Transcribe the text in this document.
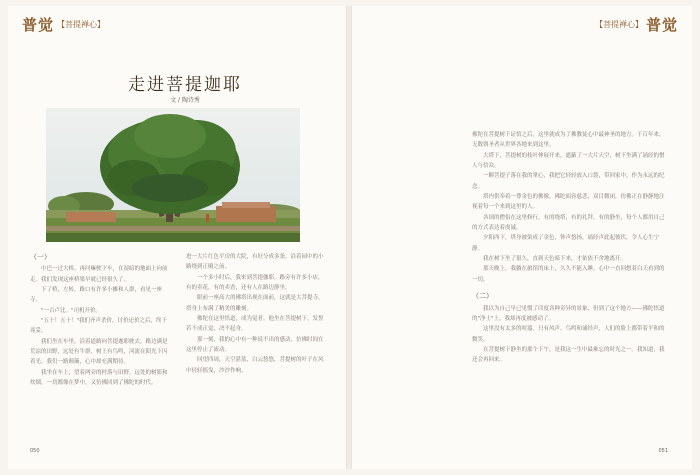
普觉 【菩提禅心】	【菩提禅心】 普觉
走进菩提迦耶
文 / 陶诗秀
（一）

中巴一过大桥，再问嘛驶下车，在湿暗的地面上向前走。我们发现这座桥梁早就已经很久了。

下了桥，左转，路口有许多小摊和人群，看见一座寺。

"一百卢比。"司机开价。

"五十！五十！"我们齐声杀价，讨价还价之后，终于谈妥。

我们坐在车里，沿着道路向菩提迦耶驶去，路边满是荒凉的田野，远处有牛群，树上有鸟鸣，河流在阳光下闪着光。我们一路颠簸，心中却充满期待。

我坐在车上，望着两旁的村落与田野，远处的树影和炊烟，一切都像在梦中，又仿佛回到了佛陀的时代。

进一大片红色平房的大院，有好分成多条，沿着园中的小路绕到正殿之前。

一个多小时后，我来到菩提伽耶。路旁有许多小店，有的卖花，有的卖香，还有人在路边静坐。

眼前一座高大的佛塔出现在面前，这就是大菩提寺，塔身上布满了精美的雕刻。

佛陀在这里悟道，成为觉者。他坐在菩提树下，发誓若不成正觉，决不起身。

那一刻，我的心中有一种说不出的感动，仿佛时间在这里停止了流动。

回望四周，天空湛蓝，白云悠悠，菩提树的叶子在风中轻轻摇曳，沙沙作响。

佛陀在菩提树下证悟之后，这里就成为了佛教徒心中最神圣的地方。千百年来，无数朝圣者从世界各地来到这里。

大塔下，菩提树的枝叶伸展开来，遮蔽了一大片天空，树下坐满了诵经的僧人与信众。

一颗菩提子落在我的掌心，我把它轻轻放入口袋，带回家中，作为永远的纪念。

塔内供奉着一尊金色的佛像，佛陀面容慈悲，双目微闭，仿佛正在静静地注视着每一个来到这里的人。

各国的僧侣在这里修行，有的绕塔，有的礼拜，有的静坐，每个人都用自己的方式表达着虔诚。

夕阳西下，塔身被染成了金色，钟声悠扬，诵经声此起彼伏，令人心生宁静。

我在树下坐了很久，直到天色暗下来，才依依不舍地离开。

那天晚上，我躺在旅馆的床上，久久不能入睡，心中一直回想着白天看到的一切。

（二）

我以为自己早已见惯了印度各种奇异的景象，但到了这个地方——佛陀悟道的"净土"上，我却再度被感动了。

这里没有太多的喧嚣，只有风声、鸟鸣和诵经声，人们的脸上都带着平和的微笑。

在菩提树下静坐的那个下午，是我这一生中最难忘的时光之一。我知道，我还会再回来。

050	051
